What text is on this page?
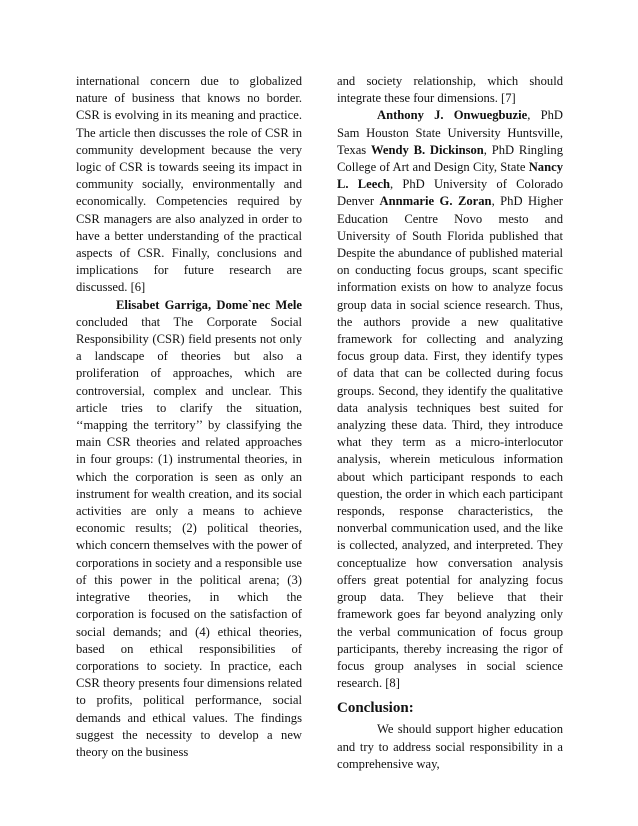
international concern due to globalized nature of business that knows no border. CSR is evolving in its meaning and practice. The article then discusses the role of CSR in community development because the very logic of CSR is towards seeing its impact in community socially, environmentally and economically. Competencies required by CSR managers are also analyzed in order to have a better understanding of the practical aspects of CSR. Finally, conclusions and implications for future research are discussed. [6]

Elisabet Garriga, Dome`nec Mele concluded that The Corporate Social Responsibility (CSR) field presents not only a landscape of theories but also a proliferation of approaches, which are controversial, complex and unclear. This article tries to clarify the situation, ‘‘mapping the territory’’ by classifying the main CSR theories and related approaches in four groups: (1) instrumental theories, in which the corporation is seen as only an instrument for wealth creation, and its social activities are only a means to achieve economic results; (2) political theories, which concern themselves with the power of corporations in society and a responsible use of this power in the political arena; (3) integrative theories, in which the corporation is focused on the satisfaction of social demands; and (4) ethical theories, based on ethical responsibilities of corporations to society. In practice, each CSR theory presents four dimensions related to profits, political performance, social demands and ethical values. The findings suggest the necessity to develop a new theory on the business

and society relationship, which should integrate these four dimensions. [7]

Anthony J. Onwuegbuzie, PhD Sam Houston State University Huntsville, Texas Wendy B. Dickinson, PhD Ringling College of Art and Design City, State Nancy L. Leech, PhD University of Colorado Denver Annmarie G. Zoran, PhD Higher Education Centre Novo mesto and University of South Florida published that Despite the abundance of published material on conducting focus groups, scant specific information exists on how to analyze focus group data in social science research. Thus, the authors provide a new qualitative framework for collecting and analyzing focus group data. First, they identify types of data that can be collected during focus groups. Second, they identify the qualitative data analysis techniques best suited for analyzing these data. Third, they introduce what they term as a micro-interlocutor analysis, wherein meticulous information about which participant responds to each question, the order in which each participant responds, response characteristics, the nonverbal communication used, and the like is collected, analyzed, and interpreted. They conceptualize how conversation analysis offers great potential for analyzing focus group data. They believe that their framework goes far beyond analyzing only the verbal communication of focus group participants, thereby increasing the rigor of focus group analyses in social science research. [8]

Conclusion:

We should support higher education and try to address social responsibility in a comprehensive way,
